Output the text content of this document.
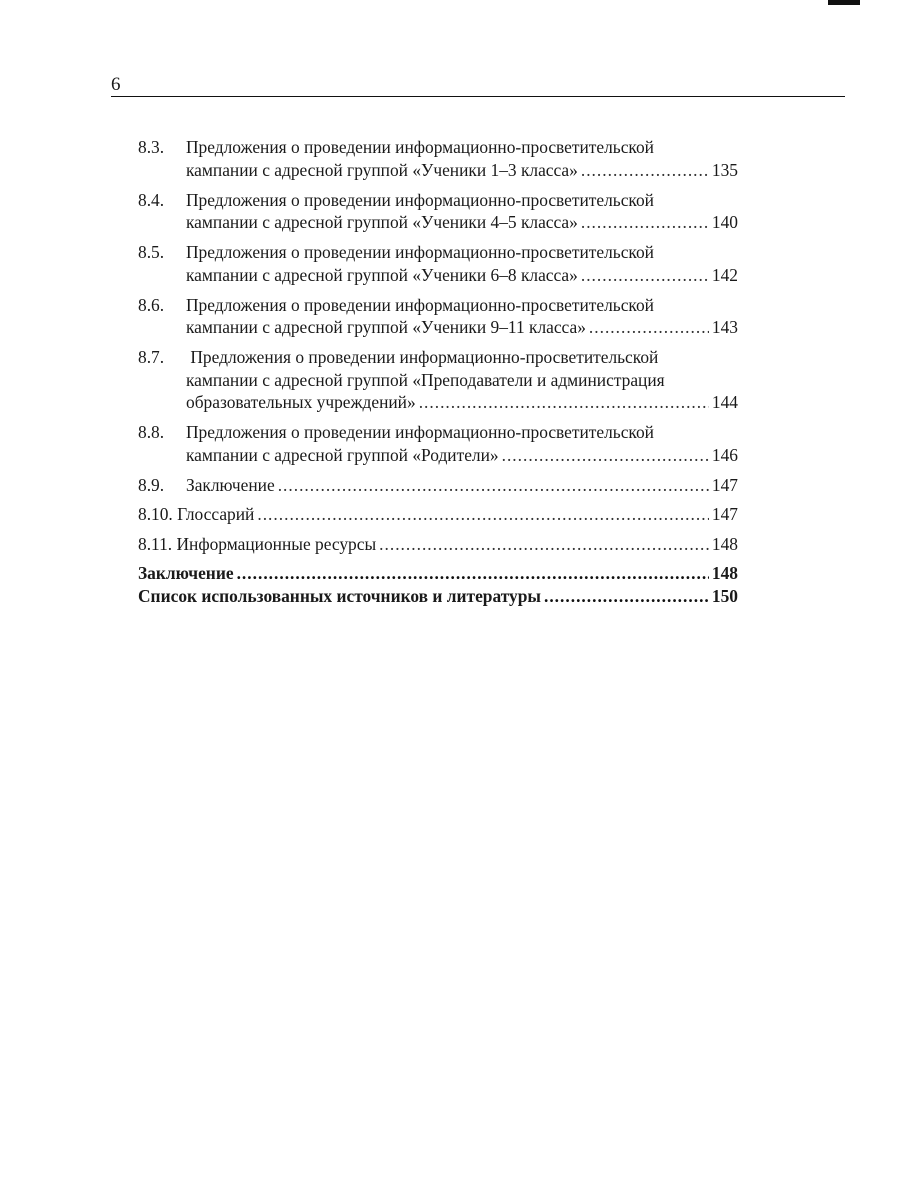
6
8.3. Предложения о проведении информационно-просветительской
кампании с адресной группой «Ученики 1–3 класса» .....	135
8.4. Предложения о проведении информационно-просветительской
кампании с адресной группой «Ученики 4–5 класса» .....	140
8.5. Предложения о проведении информационно-просветительской
кампании с адресной группой «Ученики 6–8 класса» .....	142
8.6. Предложения о проведении информационно-просветительской
кампании с адресной группой «Ученики 9–11 класса» .....	143
8.7. Предложения о проведении информационно-просветительской
кампании с адресной группой «Преподаватели и администрация
образовательных учреждений» .....	144
8.8. Предложения о проведении информационно-просветительской
кампании с адресной группой «Родители» .....	146
8.9. Заключение .....	147
8.10. Глоссарий .....	147
8.11. Информационные ресурсы .....	148
Заключение .....	148
Список использованных источников и литературы .....	150
